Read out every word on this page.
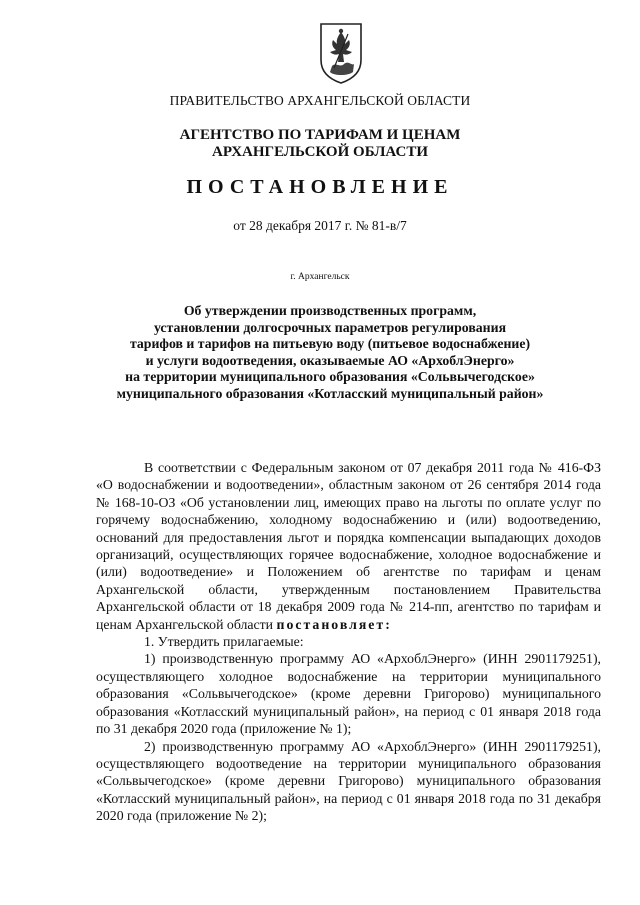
ПРАВИТЕЛЬСТВО АРХАНГЕЛЬСКОЙ ОБЛАСТИ
АГЕНТСТВО ПО ТАРИФАМ И ЦЕНАМ
АРХАНГЕЛЬСКОЙ ОБЛАСТИ
ПОСТАНОВЛЕНИЕ
от 28 декабря 2017 г. № 81-в/7
г. Архангельск
Об утверждении производственных программ,
установлении долгосрочных параметров регулирования
тарифов и тарифов на питьевую воду (питьевое водоснабжение)
и услуги водоотведения, оказываемые АО «АрхоблЭнерго»
на территории муниципального образования «Сольвычегодское»
муниципального образования «Котласский муниципальный район»

В соответствии с Федеральным законом от 07 декабря 2011 года № 416-ФЗ «О водоснабжении и водоотведении», областным законом от 26 сентября 2014 года № 168-10-ОЗ «Об установлении лиц, имеющих право на льготы по оплате услуг по горячему водоснабжению, холодному водоснабжению и (или) водоотведению, оснований для предоставления льгот и порядка компенсации выпадающих доходов организаций, осуществляющих горячее водоснабжение, холодное водоснабжение и (или) водоотведение» и Положением об агентстве по тарифам и ценам Архангельской области, утвержденным постановлением Правительства Архангельской области от 18 декабря 2009 года № 214-пп, агентство по тарифам и ценам Архангельской области постановляет:

1. Утвердить прилагаемые:

1) производственную программу АО «АрхоблЭнерго» (ИНН 2901179251), осуществляющего холодное водоснабжение на территории муниципального образования «Сольвычегодское» (кроме деревни Григорово) муниципального образования «Котласский муниципальный район», на период с 01 января 2018 года по 31 декабря 2020 года (приложение № 1);

2) производственную программу АО «АрхоблЭнерго» (ИНН 2901179251), осуществляющего водоотведение на территории муниципального образования «Сольвычегодское» (кроме деревни Григорово) муниципального образования «Котласский муниципальный район», на период с 01 января 2018 года по 31 декабря 2020 года (приложение № 2);
